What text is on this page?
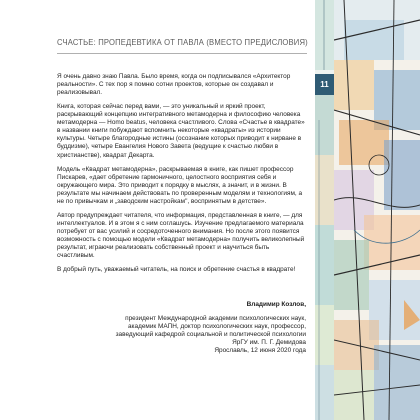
СЧАСТЬЕ: ПРОПЕДЕВТИКА ОТ ПАВЛА (ВМЕСТО ПРЕДИСЛОВИЯ)

Я очень давно знаю Павла. Было время, когда он подписывался «Архитектор реальности». С тех пор я помню сотни проектов, которые он создавал и реализовывал.

Книга, которая сейчас перед вами, — это уникальный и яркий проект, раскрывающий концепцию интегративного метамодерна и философию человека метамодерна — Homo beatus, человека счастливого. Слова «Счастье в квадрате» в названии книги побуждают вспомнить некоторые «квадраты» из истории культуры. Четыре благородные истины (осознание которых приводит к нирване в буддизме), четыре Евангелия Нового Завета (ведущие к счастью любви в христианстве), квадрат Декарта.

Модель «Квадрат метамодерна», раскрываемая в книге, как пишет профессор Пискарев, «дает обретение гармоничного, целостного восприятия себя и окружающего мира. Это приводит к порядку в мыслях, а значит, и в жизни. В результате мы начинаем действовать по проверенным моделям и технологиям, а не по привычкам и „заводским настройкам", воспринятым в детстве».

Автор предупреждает читателя, что информация, представленная в книге, — для интеллектуалов. И в этом я с ним соглашусь. Изучение предлагаемого материала потребует от вас усилий и сосредоточенного внимания. Но после этого появится возможность с помощью модели «Квадрат метамодерна» получить великолепный результат, играючи реализовать собственный проект и научиться быть счастливым.

В добрый путь, уважаемый читатель, на поиск и обретение счастья в квадрате!

Владимир Козлов,
президент Международной академии психологических наук,
академик МАПН, доктор психологических наук, профессор,
заведующий кафедрой социальной и политической психологии
ЯрГУ им. П. Г. Демидова
Ярославль, 12 июня 2020 года
11
